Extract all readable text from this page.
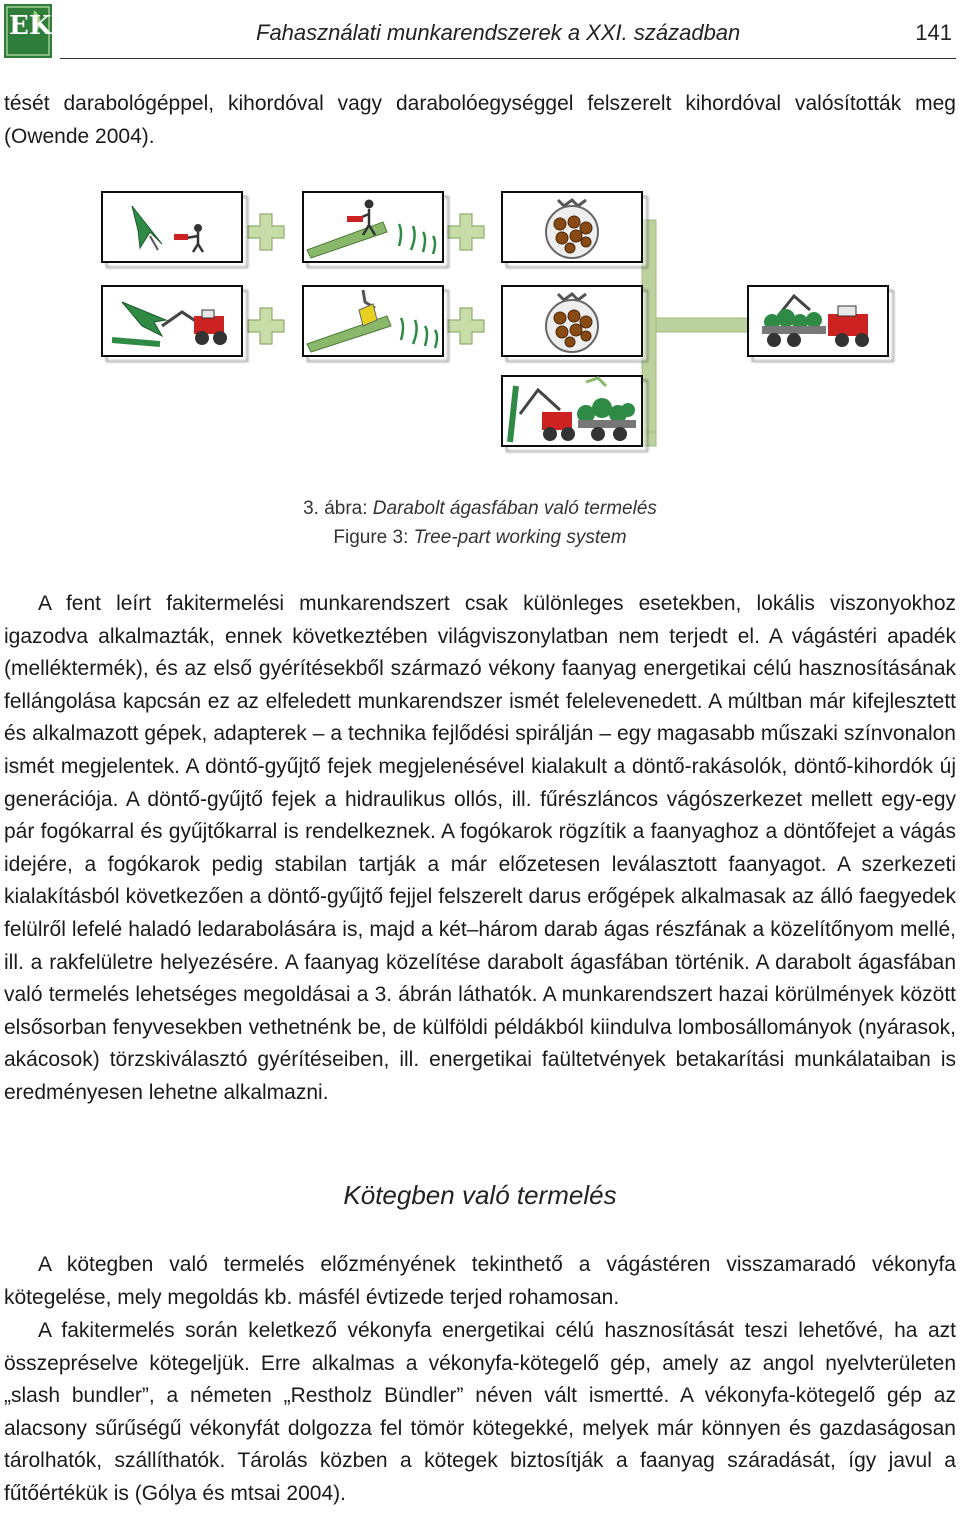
EK	Fahasználati munkarendszerek a XXI. században	141

tését darabológéppel, kihordóval vagy darabolóegységgel felszerelt kihordóval valósították meg (Owende 2004).

3. ábra: Darabolt ágasfában való termelés
Figure 3: Tree-part working system

A fent leírt fakitermelési munkarendszert csak különleges esetekben, lokális viszonyokhoz igazodva alkalmazták, ennek következtében világviszonylatban nem terjedt el. A vágástéri apadék (melléktermék), és az első gyérítésekből származó vékony faanyag energetikai célú hasznosításának fellángolása kapcsán ez az elfeledett munkarendszer ismét felelevenedett. A múltban már kifejlesztett és alkalmazott gépek, adapterek – a technika fejlődési spirálján – egy magasabb műszaki színvonalon ismét megjelentek. A döntő-gyűjtő fejek megjelenésével kialakult a döntő-rakásolók, döntő-kihordók új generációja. A döntő-gyűjtő fejek a hidraulikus ollós, ill. fűrészláncos vágószerkezet mellett egy-egy pár fogókarral és gyűjtőkarral is rendelkeznek. A fogókarok rögzítik a faanyaghoz a döntőfejet a vágás idejére, a fogókarok pedig stabilan tartják a már előzetesen leválasztott faanyagot. A szerkezeti kialakításból következően a döntő-gyűjtő fejjel felszerelt darus erőgépek alkalmasak az álló faegyedek felülről lefelé haladó ledarabolására is, majd a két–három darab ágas részfának a közelítőnyom mellé, ill. a rakfelületre helyezésére. A faanyag közelítése darabolt ágasfában történik. A darabolt ágasfában való termelés lehetséges megoldásai a 3. ábrán láthatók. A munkarendszert hazai körülmények között elsősorban fenyvesekben vethetnénk be, de külföldi példákból kiindulva lombosállományok (nyárasok, akácosok) törzskiválasztó gyérítéseiben, ill. energetikai faültetvények betakarítási munkálataiban is eredményesen lehetne alkalmazni.

Kötegben való termelés

A kötegben való termelés előzményének tekinthető a vágástéren visszamaradó vékonyfa kötegelése, mely megoldás kb. másfél évtizede terjed rohamosan.

A fakitermelés során keletkező vékonyfa energetikai célú hasznosítását teszi lehetővé, ha azt összepréselve kötegeljük. Erre alkalmas a vékonyfa-kötegelő gép, amely az angol nyelvterületen „slash bundler”, a németen „Restholz Bündler” néven vált ismertté. A vékonyfa-kötegelő gép az alacsony sűrűségű vékonyfát dolgozza fel tömör kötegekké, melyek már könnyen és gazdaságosan tárolhatók, szállíthatók. Tárolás közben a kötegek biztosítják a faanyag száradását, így javul a fűtőértékük is (Gólya és mtsai 2004).
